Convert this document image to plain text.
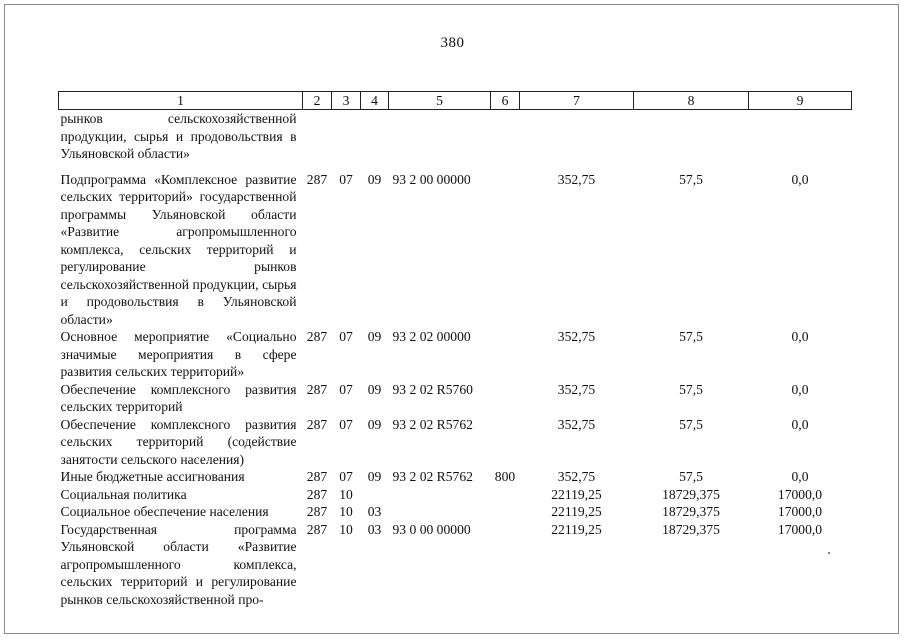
380
1	2	3	4	5	6	7	8	9
рынков сельскохозяйственной продукции, сырья и продовольствия в Ульяновской области»								
Подпрограмма «Комплексное развитие сельских территорий» государственной программы Ульяновской области «Развитие агропромышленного комплекса, сельских территорий и регулирование рынков сельскохозяйственной продукции, сырья и продовольствия в Ульяновской области»	287	07	09	93 2 00 00000		352,75	57,5	0,0
Основное мероприятие «Социально значимые мероприятия в сфере развития сельских территорий»	287	07	09	93 2 02 00000		352,75	57,5	0,0
Обеспечение комплексного развития сельских территорий	287	07	09	93 2 02 R5760		352,75	57,5	0,0
Обеспечение комплексного развития сельских территорий (содействие занятости сельского населения)	287	07	09	93 2 02 R5762		352,75	57,5	0,0
Иные бюджетные ассигнования	287	07	09	93 2 02 R5762	800	352,75	57,5	0,0
Социальная политика	287	10				22119,25	18729,375	17000,0
Социальное обеспечение населения	287	10	03			22119,25	18729,375	17000,0
Государственная программа Ульяновской области «Развитие агропромышленного комплекса, сельских территорий и регулирование рынков сельскохозяйственной про-	287	10	03	93 0 00 00000		22119,25	18729,375	17000,0
